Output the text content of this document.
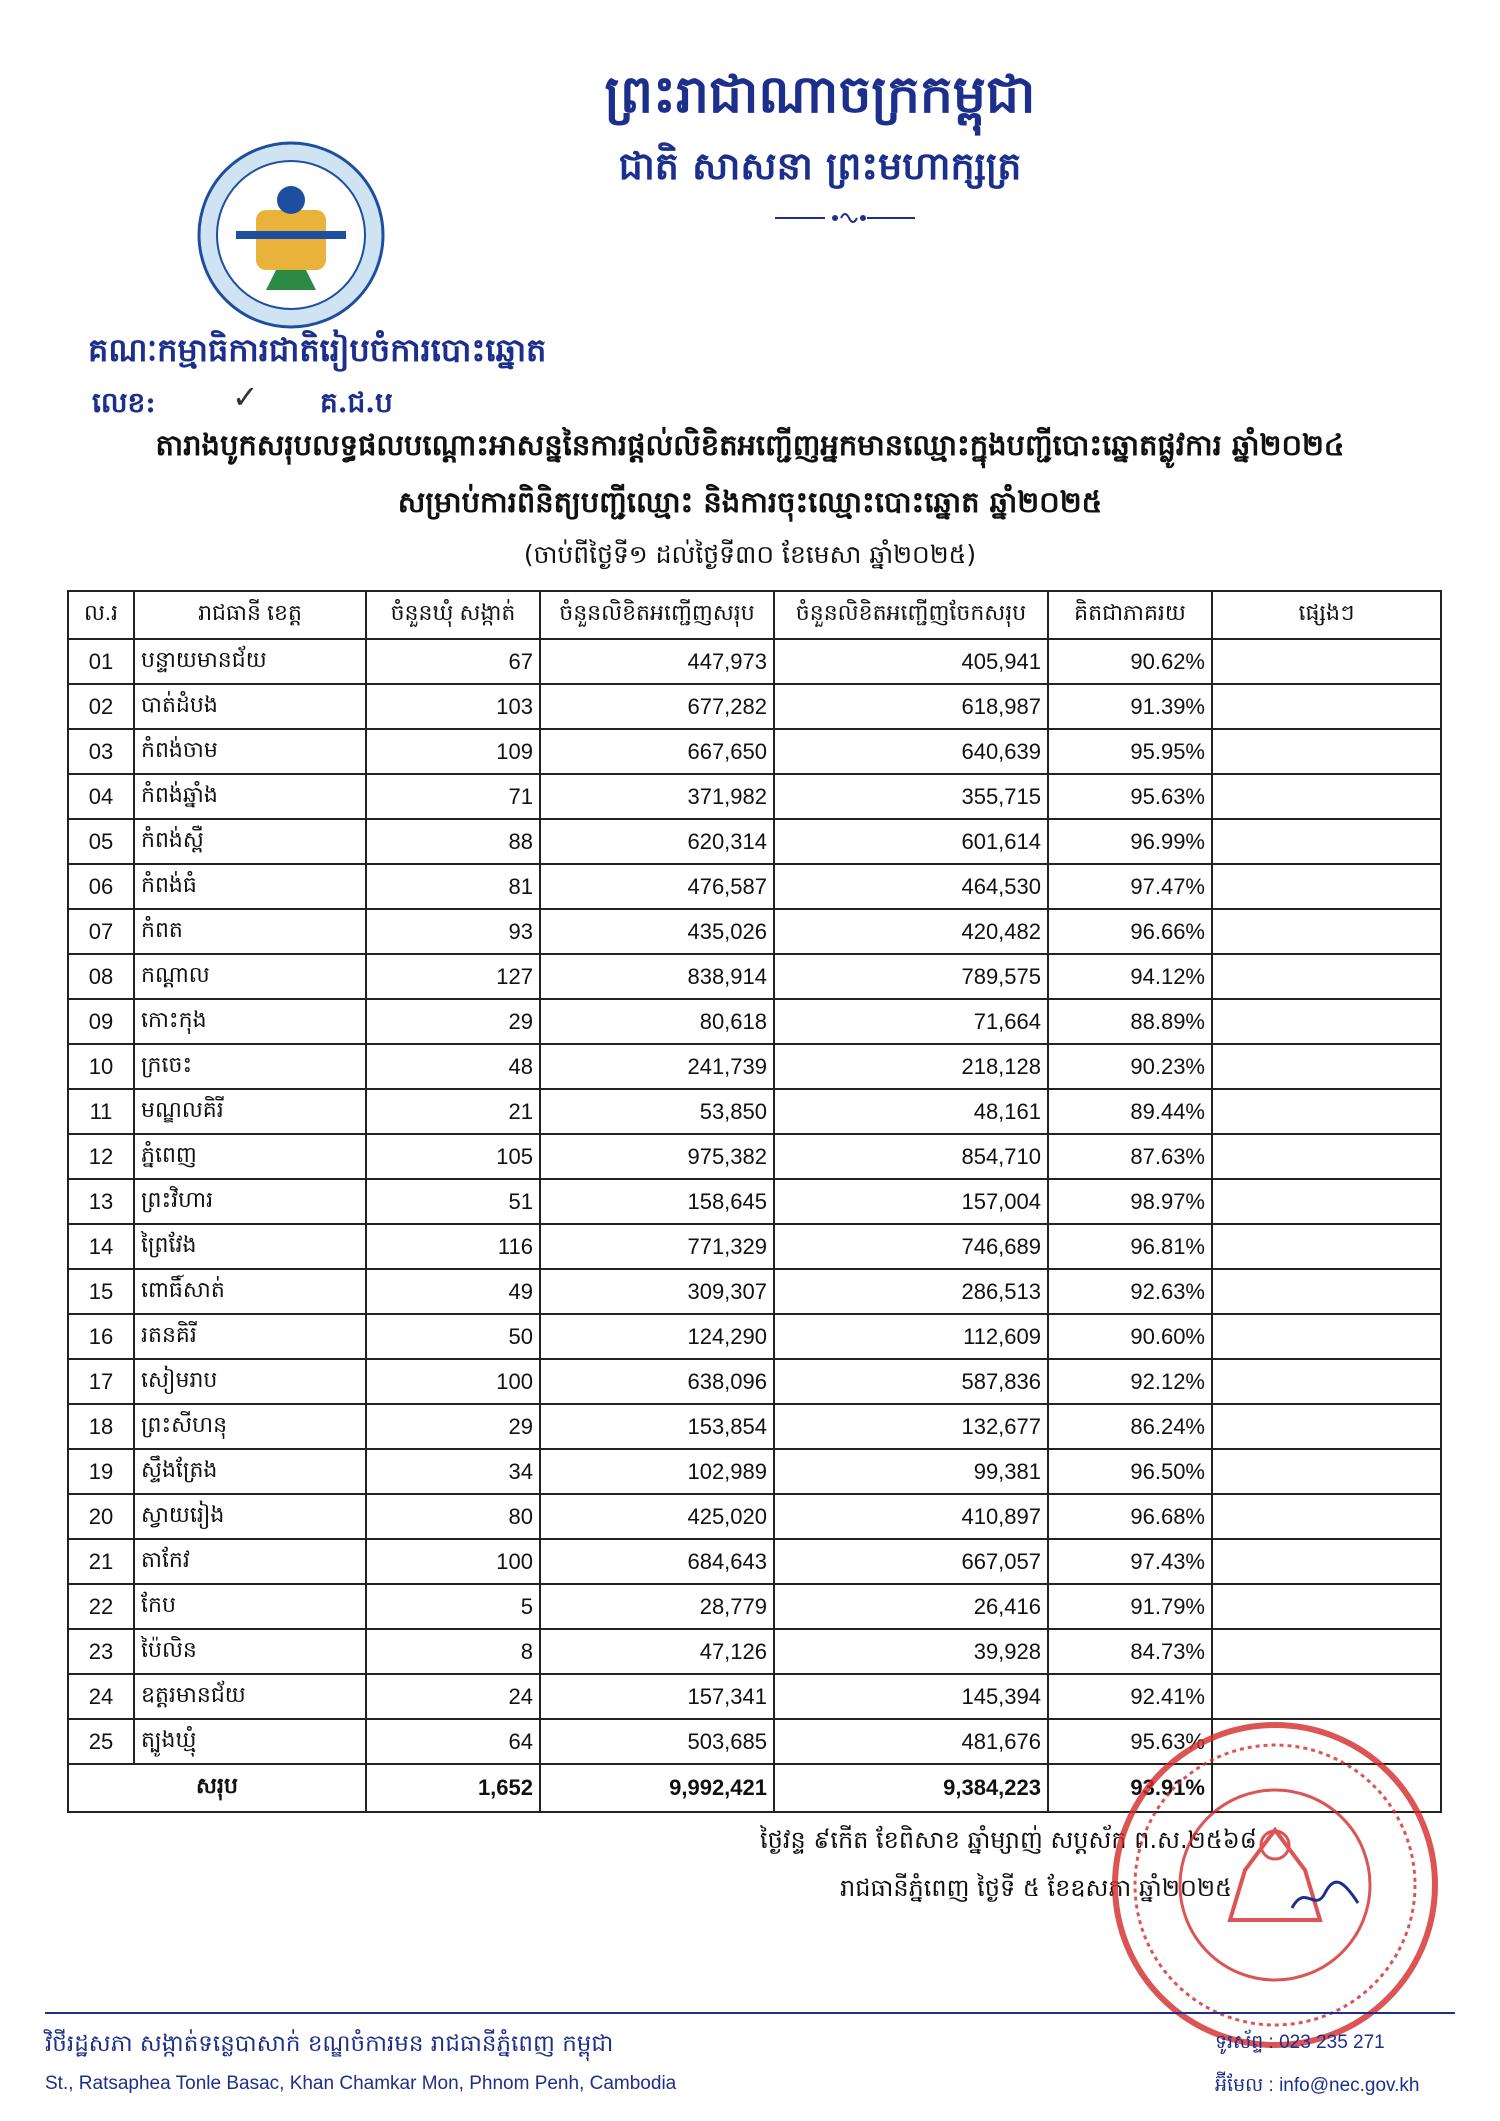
ព្រះរាជាណាចក្រកម្ពុជា
ជាតិ សាសនា ព្រះមហាក្សត្រ
គណៈកម្មាធិការជាតិរៀបចំការបោះឆ្នោត
លេខ: ✓ គ.ជ.ប
តារាងបូកសរុបលទ្ធផលបណ្តោះអាសន្ននៃការផ្តល់លិខិតអញ្ជើញអ្នកមានឈ្មោះក្នុងបញ្ជីបោះឆ្នោតផ្លូវការ ឆ្នាំ២០២៤
សម្រាប់ការពិនិត្យបញ្ជីឈ្មោះ និងការចុះឈ្មោះបោះឆ្នោត ឆ្នាំ២០២៥
(ចាប់ពីថ្ងៃទី១ ដល់ថ្ងៃទី៣០ ខែមេសា ឆ្នាំ២០២៥)
ល.រ	រាជធានី ខេត្ត	ចំនួនឃុំ សង្កាត់	ចំនួនលិខិតអញ្ជើញសរុប	ចំនួនលិខិតអញ្ជើញចែកសរុប	គិតជាភាគរយ	ផ្សេងៗ
01	បន្ទាយមានជ័យ	67	447,973	405,941	90.62%	
02	បាត់ដំបង	103	677,282	618,987	91.39%	
03	កំពង់ចាម	109	667,650	640,639	95.95%	
04	កំពង់ឆ្នាំង	71	371,982	355,715	95.63%	
05	កំពង់ស្ពឺ	88	620,314	601,614	96.99%	
06	កំពង់ធំ	81	476,587	464,530	97.47%	
07	កំពត	93	435,026	420,482	96.66%	
08	កណ្តាល	127	838,914	789,575	94.12%	
09	កោះកុង	29	80,618	71,664	88.89%	
10	ក្រចេះ	48	241,739	218,128	90.23%	
11	មណ្ឌលគិរី	21	53,850	48,161	89.44%	
12	ភ្នំពេញ	105	975,382	854,710	87.63%	
13	ព្រះវិហារ	51	158,645	157,004	98.97%	
14	ព្រៃវែង	116	771,329	746,689	96.81%	
15	ពោធិ៍សាត់	49	309,307	286,513	92.63%	
16	រតនគិរី	50	124,290	112,609	90.60%	
17	សៀមរាប	100	638,096	587,836	92.12%	
18	ព្រះសីហនុ	29	153,854	132,677	86.24%	
19	ស្ទឹងត្រែង	34	102,989	99,381	96.50%	
20	ស្វាយរៀង	80	425,020	410,897	96.68%	
21	តាកែវ	100	684,643	667,057	97.43%	
22	កែប	5	28,779	26,416	91.79%	
23	ប៉ៃលិន	8	47,126	39,928	84.73%	
24	ឧត្តរមានជ័យ	24	157,341	145,394	92.41%	
25	ត្បូងឃ្មុំ	64	503,685	481,676	95.63%	
សរុប		1,652	9,992,421	9,384,223	93.91%	
ថ្ងៃវន្ទ ៩កើត ខែពិសាខ ឆ្នាំម្សាញ់ សប្តស័ក ព.ស.២៥៦៨
រាជធានីភ្នំពេញ ថ្ងៃទី ៥ ខែឧសភា ឆ្នាំ២០២៥
វិថីរដ្ឋសភា សង្កាត់ទន្លេបាសាក់ ខណ្ឌចំការមន រាជធានីភ្នំពេញ កម្ពុជា
St., Ratsaphea Tonle Basac, Khan Chamkar Mon, Phnom Penh, Cambodia
ទូរស័ព្ទ : 023 235 271
អ៊ីមែល : info@nec.gov.kh
